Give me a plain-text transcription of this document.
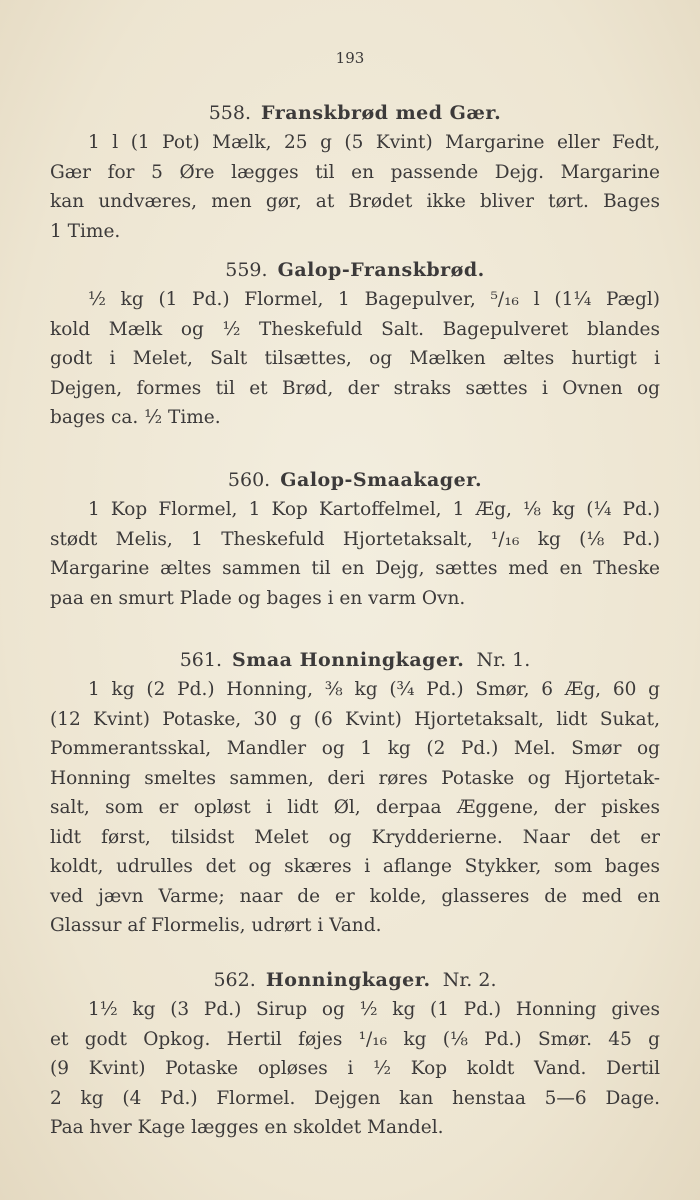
193
558. Franskbrød med Gær.
1 l (1 Pot) Mælk, 25 g (5 Kvint) Margarine eller Fedt,
Gær for 5 Øre lægges til en passende Dejg. Margarine
kan undværes, men gør, at Brødet ikke bliver tørt. Bages
1 Time.
559. Galop-Franskbrød.
½ kg (1 Pd.) Flormel, 1 Bagepulver, ⁵/₁₆ l (1¼ Pægl)
kold Mælk og ½ Theskefuld Salt. Bagepulveret blandes
godt i Melet, Salt tilsættes, og Mælken æltes hurtigt i
Dejgen, formes til et Brød, der straks sættes i Ovnen og
bages ca. ½ Time.
560. Galop-Smaakager.
1 Kop Flormel, 1 Kop Kartoffelmel, 1 Æg, ⅛ kg (¼ Pd.)
stødt Melis, 1 Theskefuld Hjortetaksalt, ¹/₁₆ kg (⅛ Pd.)
Margarine æltes sammen til en Dejg, sættes med en Theske
paa en smurt Plade og bages i en varm Ovn.
561. Smaa Honningkager. Nr. 1.
1 kg (2 Pd.) Honning, ⅜ kg (¾ Pd.) Smør, 6 Æg, 60 g
(12 Kvint) Potaske, 30 g (6 Kvint) Hjortetaksalt, lidt Sukat,
Pommerantsskal, Mandler og 1 kg (2 Pd.) Mel. Smør og
Honning smeltes sammen, deri røres Potaske og Hjortetak-
salt, som er opløst i lidt Øl, derpaa Æggene, der piskes
lidt først, tilsidst Melet og Krydderierne. Naar det er
koldt, udrulles det og skæres i aflange Stykker, som bages
ved jævn Varme; naar de er kolde, glasseres de med en
Glassur af Flormelis, udrørt i Vand.
562. Honningkager. Nr. 2.
1½ kg (3 Pd.) Sirup og ½ kg (1 Pd.) Honning gives
et godt Opkog. Hertil føjes ¹/₁₆ kg (⅛ Pd.) Smør. 45 g
(9 Kvint) Potaske opløses i ½ Kop koldt Vand. Dertil
2 kg (4 Pd.) Flormel. Dejgen kan henstaa 5—6 Dage.
Paa hver Kage lægges en skoldet Mandel.
